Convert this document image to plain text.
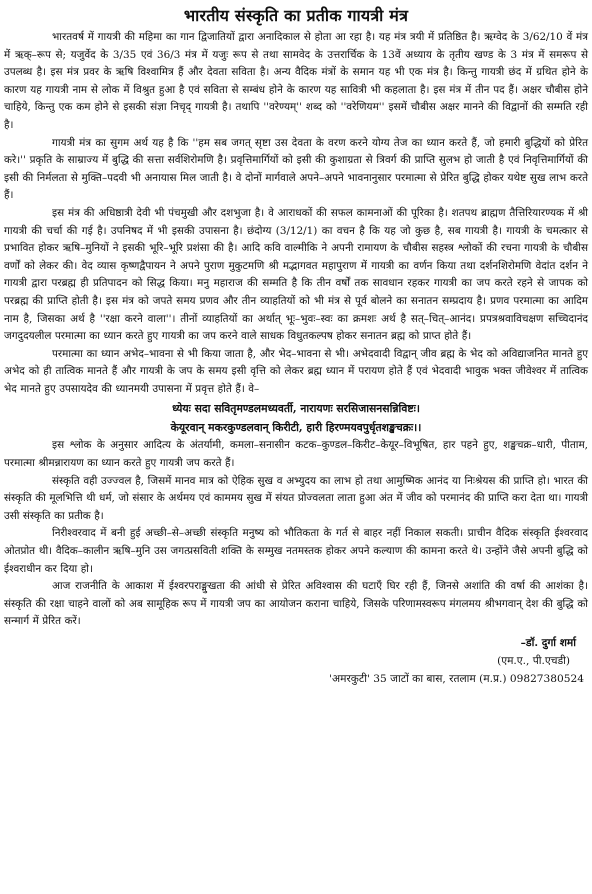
भारतीय संस्कृति का प्रतीक गायत्री मंत्र

भारतवर्ष में गायत्री की महिमा का गान द्विजातियों द्वारा अनादिकाल से होता आ रहा है। यह मंत्र त्रयी में प्रतिष्ठित है। ऋग्वेद के 3/62/10 वें मंत्र में ऋक्–रूप से; यजुर्वेद के 3/35 एवं 36/3 मंत्र में यजुः रूप से तथा सामवेद के उत्तरार्चिक के 13वें अध्याय के तृतीय खण्ड के 3 मंत्र में समरूप से उपलब्ध है। इस मंत्र प्रवर के ऋषि विश्वामित्र हैं और देवता सविता है। अन्य वैदिक मंत्रों के समान यह भी एक मंत्र है। किन्तु गायत्री छंद में ग्रथित होने के कारण यह गायत्री नाम से लोक में विश्रुत हुआ है एवं सविता से सम्बंध होने के कारण यह सावित्री भी कहलाता है। इस मंत्र में तीन पद हैं। अक्षर चौबीस होने चाहिये, किन्तु एक कम होने से इसकी संज्ञा निचृद् गायत्री है। तथापि ''वरेण्यम्'' शब्द को ''वरेणियम'' इसमें चौबीस अक्षर मानने की विद्वानों की सम्मति रही है।

गायत्री मंत्र का सुगम अर्थ यह है कि ''हम सब जगत् सृष्टा उस देवता के वरण करने योग्य तेज का ध्यान करते हैं, जो हमारी बुद्धियों को प्रेरित करे।'' प्रकृति के साम्राज्य में बुद्धि की सत्ता सर्वशिरोमणि है। प्रवृत्तिमार्गियों को इसी की कुशाग्रता से त्रिवर्ग की प्राप्ति सुलभ हो जाती है एवं निवृत्तिमार्गियों की इसी की निर्मलता से मुक्ति–पदवी भी अनायास मिल जाती है। वे दोनों मार्गवाले अपने–अपने भावनानुसार परमात्मा से प्रेरित बुद्धि होकर यथेष्ट सुख लाभ करते हैं।

इस मंत्र की अधिष्ठात्री देवी भी पंचमुखी और दशभुजा है। वे आराधकों की सफल कामनाओं की पूरिका है। शतपथ ब्राह्मण तैत्तिरियारण्यक में श्री गायत्री की चर्चा की गई है। उपनिषद में भी इसकी उपासना है। छंदोग्य (3/12/1) का वचन है कि यह जो कुछ है, सब गायत्री है। गायत्री के चमत्कार से प्रभावित होकर ऋषि–मुनियों ने इसकी भूरि–भूरि प्रशंसा की है। आदि कवि वाल्मीकि ने अपनी रामायण के चौबीस सहस्त्र श्लोकों की रचना गायत्री के चौबीस वर्णों को लेकर की। वेद व्यास कृष्णद्वैपायन ने अपने पुराण मुकुटमणि श्री मद्भागवत महापुराण में गायत्री का वर्णन किया तथा दर्शनशिरोमणि वेदांत दर्शन ने गायत्री द्वारा परब्रह्म ही प्रतिपादन को सिद्ध किया। मनु महाराज की सम्मति है कि तीन वर्षों तक सावधान रहकर गायत्री का जप करते रहने से जापक को परब्रह्म की प्राप्ति होती है। इस मंत्र को जपते समय प्रणव और तीन व्याहतियों को भी मंत्र से पूर्व बोलने का सनातन सम्प्रदाय है। प्रणव परमात्मा का आदिम नाम है, जिसका अर्थ है ''रक्षा करने वाला''। तीनों व्याहतियों का अर्थात् भूः–भुवः–स्वः का क्रमशः अर्थ है सत्–चित्–आनंद। प्रपत्रश्रवाविचक्षण सच्चिदानंद जगदुदयलील परमात्मा का ध्यान करते हुए गायत्री का जप करने वाले साधक विधुतकल्पष होकर सनातन ब्रह्म को प्राप्त होते हैं।

परमात्मा का ध्यान अभेद–भावना से भी किया जाता है, और भेद–भावना से भी। अभेदवादी विद्वान् जीव ब्रह्म के भेद को अविद्याजनित मानते हुए अभेद को ही तात्विक मानते हैं और गायत्री के जप के समय इसी वृत्ति को लेकर ब्रह्म ध्यान में परायण होते हैं एवं भेदवादी भावुक भक्त जीवेश्वर में तात्विक भेद मानते हुए उपसायदेव की ध्यानमयी उपासना में प्रवृत्त होते हैं। वे–

ध्येयः सदा सवितृमण्डलमध्यवर्ती, नारायणः सरसिजासनसन्निविष्टः।

केयूरवान् मकरकुण्डलवान् किरीटी, हारी हिरण्मयवपुर्धृतशङ्खचक्रः।।

इस श्लोक के अनुसार आदित्य के अंतर्यामी, कमला–सनासीन कटक–कुण्डल–किरीट–केयूर–विभूषित, हार पहने हुए, शङ्खचक्र–धारी, पीताम, परमात्मा श्रीमन्नारायण का ध्यान करते हुए गायत्री जप करते हैं।

संस्कृति वही उज्ज्वल है, जिसमें मानव मात्र को ऐहिक सुख व अभ्युदय का लाभ हो तथा आमुष्मिक आनंद या निःश्रेयस की प्राप्ति हो। भारत की संस्कृति की मूलभित्ति थी धर्म, जो संसार के अर्थमय एवं काममय सुख में संयत प्रोज्वलता लाता हुआ अंत में जीव को परमानंद की प्राप्ति करा देता था। गायत्री उसी संस्कृति का प्रतीक है।

निरीश्वरवाद में बनी हुई अच्छी–से–अच्छी संस्कृति मनुष्य को भौतिकता के गर्त से बाहर नहीं निकाल सकती। प्राचीन वैदिक संस्कृति ईश्वरवाद ओतप्रोत थी। वैदिक–कालीन ऋषि–मुनि उस जगत्प्रसविती शक्ति के सम्मुख नतमस्तक होकर अपने कल्याण की कामना करते थे। उन्होंने जैसे अपनी बुद्धि को ईश्वराधीन कर दिया हो।

आज राजनीति के आकाश में ईश्वरपराङ्मुखता की आंधी से प्रेरित अविश्वास की घटाएँ घिर रही हैं, जिनसे अशांति की वर्षा की आशंका है। संस्कृति की रक्षा चाहने वालों को अब सामूहिक रूप में गायत्री जप का आयोजन कराना चाहिये, जिसके परिणामस्वरूप मंगलमय श्रीभगवान् देश की बुद्धि को सन्मार्ग में प्रेरित करें।

–डॉ. दुर्गा शर्मा

(एम.ए., पी.एचडी)

'अमरकुटी' 35 जाटों का बास, रतलाम (म.प्र.) 09827380524
